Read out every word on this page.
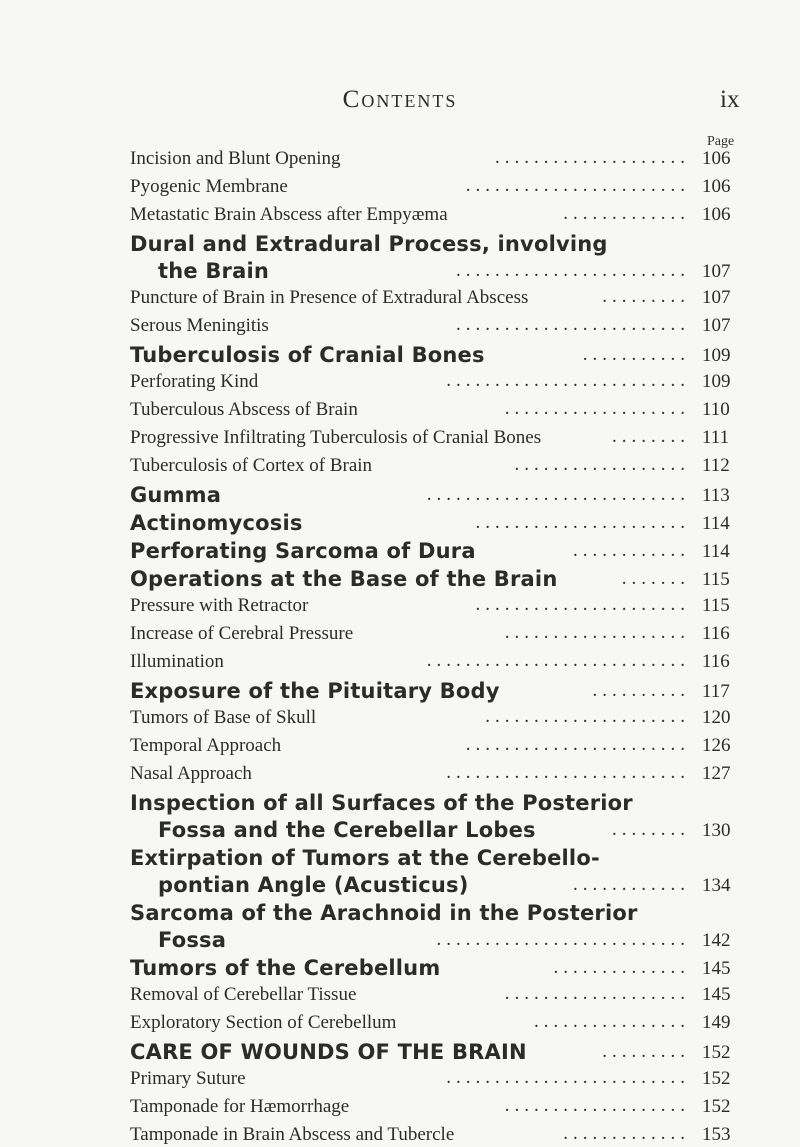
Contents	ix
Page
Incision and Blunt Opening	.................... 106
Pyogenic Membrane	....................... 106
Metastatic Brain Abscess after Empyæma	............. 106
Dural and Extradural Process, involving
the Brain	........................ 107
Puncture of Brain in Presence of Extradural Abscess	......... 107
Serous Meningitis	........................ 107
Tuberculosis of Cranial Bones	........... 109
Perforating Kind	......................... 109
Tuberculous Abscess of Brain	................... 110
Progressive Infiltrating Tuberculosis of Cranial Bones	........ 111
Tuberculosis of Cortex of Brain	.................. 112
Gumma	........................... 113
Actinomycosis	...................... 114
Perforating Sarcoma of Dura	............ 114
Operations at the Base of the Brain	....... 115
Pressure with Retractor	...................... 115
Increase of Cerebral Pressure	................... 116
Illumination	........................... 116
Exposure of the Pituitary Body	.......... 117
Tumors of Base of Skull	..................... 120
Temporal Approach	....................... 126
Nasal Approach	......................... 127
Inspection of all Surfaces of the Posterior
Fossa and the Cerebellar Lobes	........ 130
Extirpation of Tumors at the Cerebello-
pontian Angle (Acusticus)	............ 134
Sarcoma of the Arachnoid in the Posterior
Fossa	.......................... 142
Tumors of the Cerebellum	.............. 145
Removal of Cerebellar Tissue	................... 145
Exploratory Section of Cerebellum	................ 149
CARE OF WOUNDS OF THE BRAIN	......... 152
Primary Suture	......................... 152
Tamponade for Hæmorrhage	................... 152
Tamponade in Brain Abscess and Tubercle	............. 153
